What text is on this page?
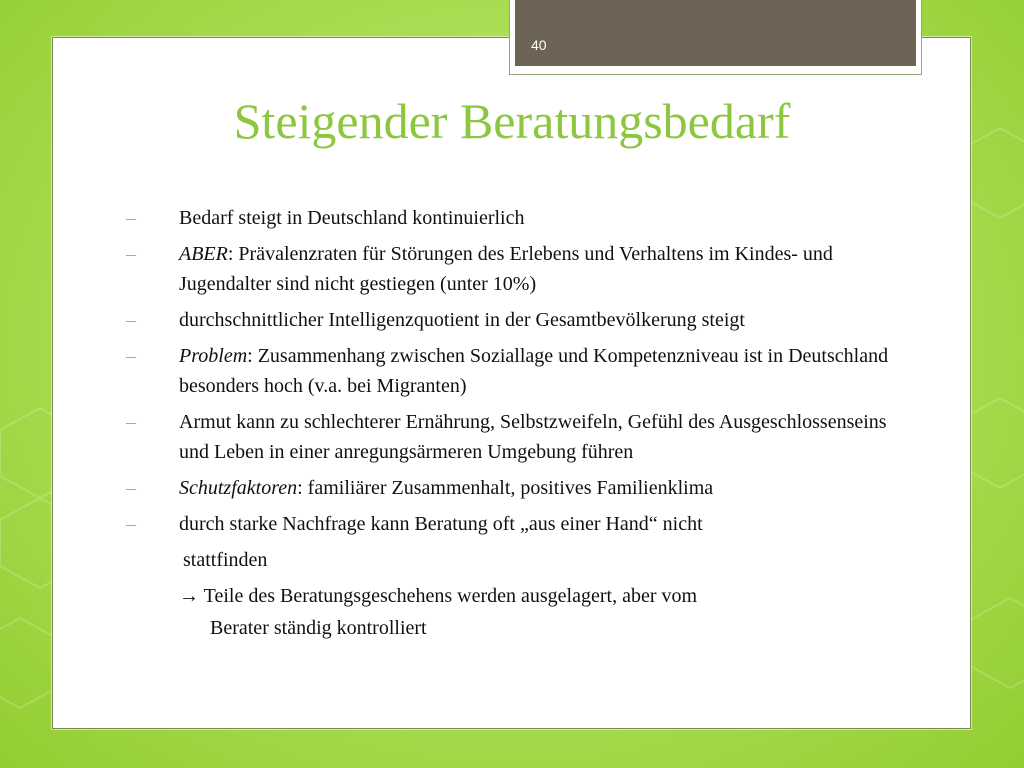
40
Steigender Beratungsbedarf
– Bedarf steigt in Deutschland kontinuierlich
– ABER: Prävalenzraten für Störungen des Erlebens und Verhaltens im Kindes- und Jugendalter sind nicht gestiegen (unter 10%)
– durchschnittlicher Intelligenzquotient in der Gesamtbevölkerung steigt
– Problem: Zusammenhang zwischen Soziallage und Kompetenzniveau ist in Deutschland besonders hoch (v.a. bei Migranten)
– Armut kann zu schlechterer Ernährung, Selbstzweifeln, Gefühl des Ausgeschlossenseins und Leben in einer anregungsärmeren Umgebung führen
– Schutzfaktoren: familiärer Zusammenhalt, positives Familienklima
– durch starke Nachfrage kann Beratung oft „aus einer Hand“ nicht
stattfinden
→ Teile des Beratungsgeschehens werden ausgelagert, aber vom
Berater ständig kontrolliert
